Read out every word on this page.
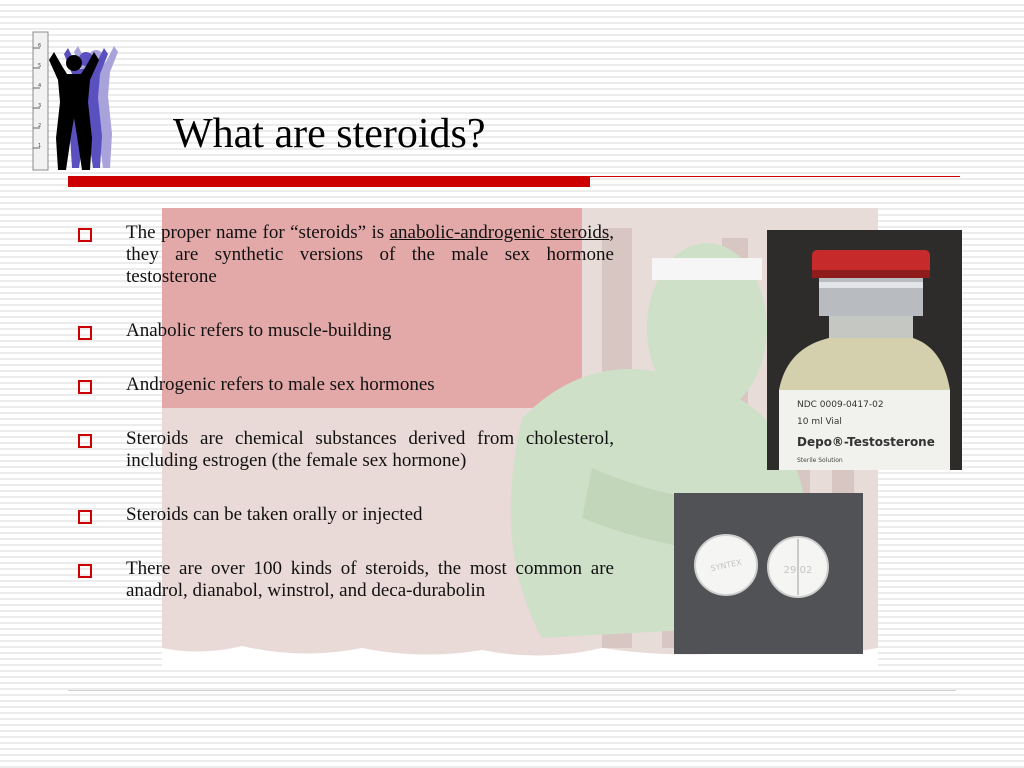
6
5
4
3
2
1	What are steroids?
The proper name for “steroids” is anabolic-androgenic steroids, they are synthetic versions of the male sex hormone testosterone
Anabolic refers to muscle-building
Androgenic refers to male sex hormones
Steroids are chemical substances derived from cholesterol, including estrogen (the female sex hormone)
Steroids can be taken orally or injected
There are over 100 kinds of steroids, the most common are anadrol, dianabol, winstrol, and deca-durabolin
NDC 0009-0417-02
10 ml Vial
Depo®-Testosterone
Sterile Solution
SYNTEX	29 02
